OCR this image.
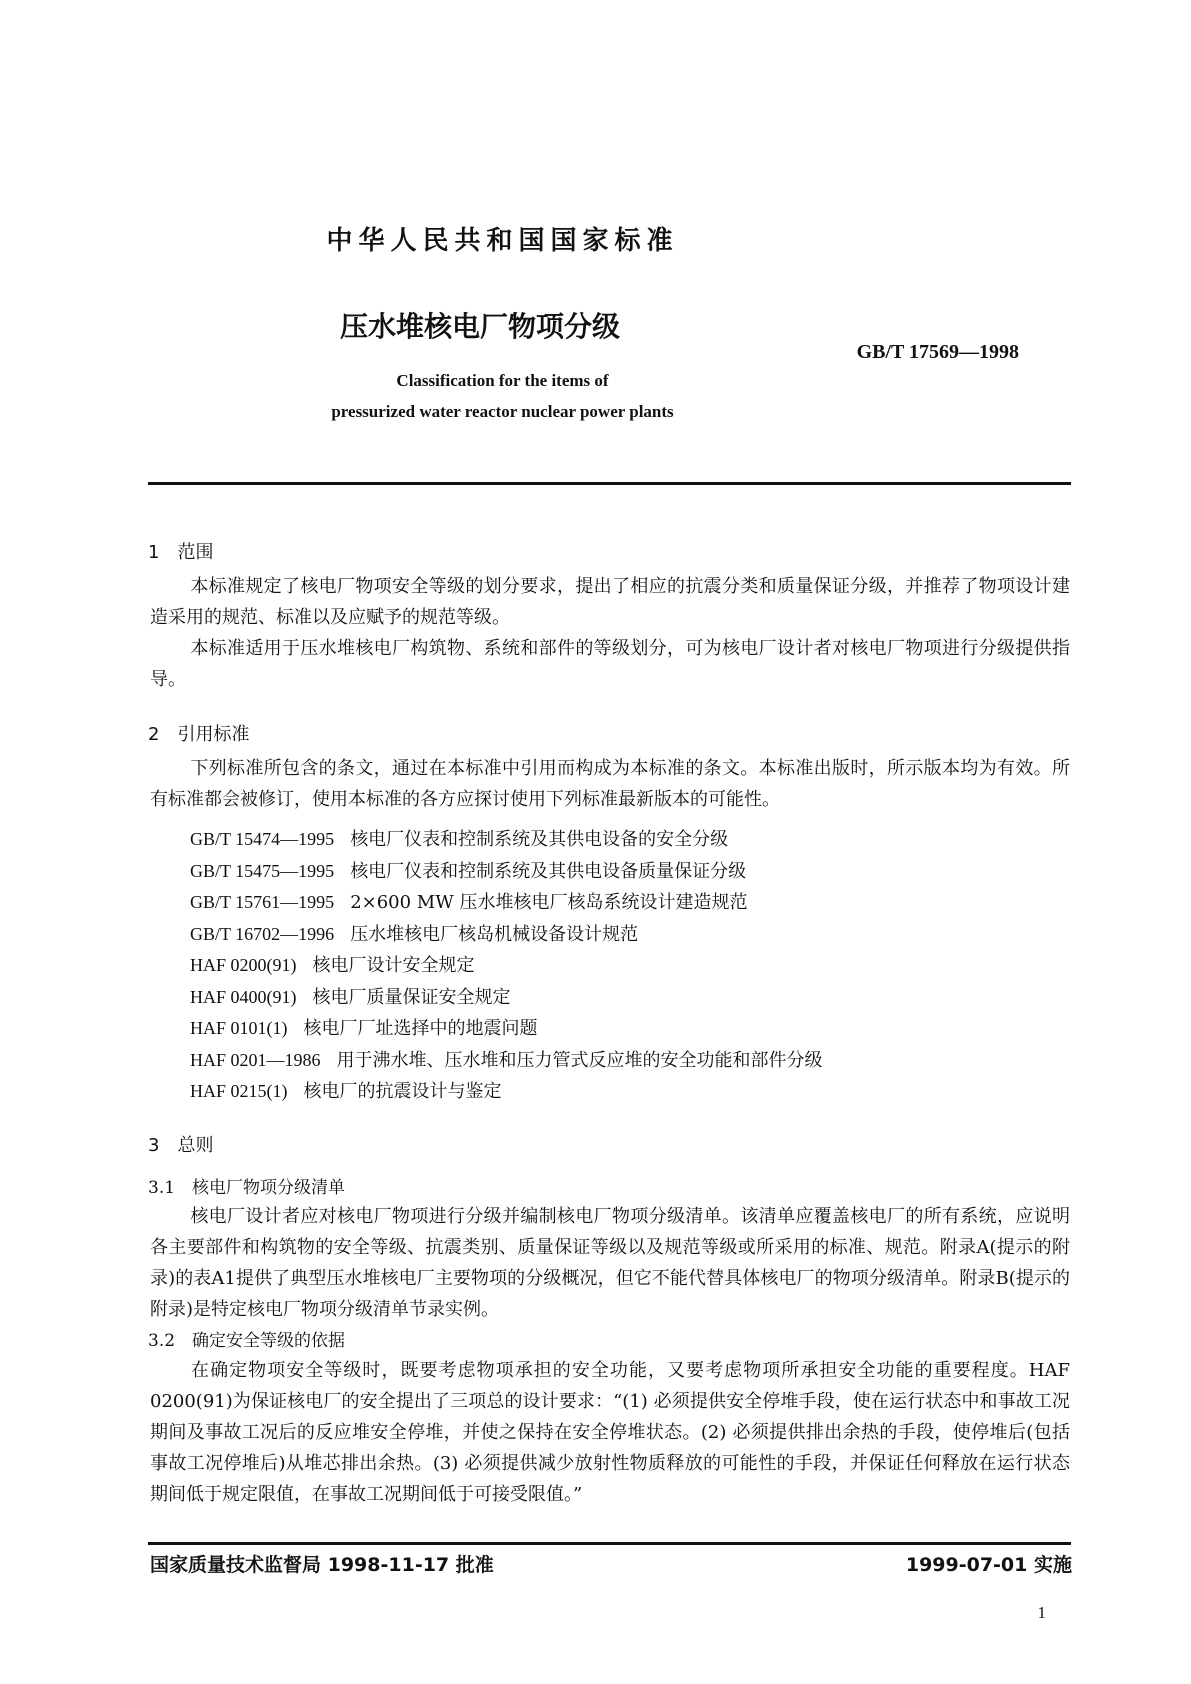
中华人民共和国国家标准
压水堆核电厂物项分级
GB/T 17569—1998
Classification for the items of
pressurized water reactor nuclear power plants
1　范围
本标准规定了核电厂物项安全等级的划分要求，提出了相应的抗震分类和质量保证分级，并推荐了物项设计建造采用的规范、标准以及应赋予的规范等级。
本标准适用于压水堆核电厂构筑物、系统和部件的等级划分，可为核电厂设计者对核电厂物项进行分级提供指导。
2　引用标准
下列标准所包含的条文，通过在本标准中引用而构成为本标准的条文。本标准出版时，所示版本均为有效。所有标准都会被修订，使用本标准的各方应探讨使用下列标准最新版本的可能性。
GB/T 15474—1995 核电厂仪表和控制系统及其供电设备的安全分级
GB/T 15475—1995 核电厂仪表和控制系统及其供电设备质量保证分级
GB/T 15761—1995 2×600 MW 压水堆核电厂核岛系统设计建造规范
GB/T 16702—1996 压水堆核电厂核岛机械设备设计规范
HAF 0200(91) 核电厂设计安全规定
HAF 0400(91) 核电厂质量保证安全规定
HAF 0101(1) 核电厂厂址选择中的地震问题
HAF 0201—1986 用于沸水堆、压水堆和压力管式反应堆的安全功能和部件分级
HAF 0215(1) 核电厂的抗震设计与鉴定
3　总则
3.1　核电厂物项分级清单
核电厂设计者应对核电厂物项进行分级并编制核电厂物项分级清单。该清单应覆盖核电厂的所有系统，应说明各主要部件和构筑物的安全等级、抗震类别、质量保证等级以及规范等级或所采用的标准、规范。附录A(提示的附录)的表A1提供了典型压水堆核电厂主要物项的分级概况，但它不能代替具体核电厂的物项分级清单。附录B(提示的附录)是特定核电厂物项分级清单节录实例。
3.2　确定安全等级的依据
在确定物项安全等级时，既要考虑物项承担的安全功能，又要考虑物项所承担安全功能的重要程度。HAF 0200(91)为保证核电厂的安全提出了三项总的设计要求：“(1) 必须提供安全停堆手段，使在运行状态中和事故工况期间及事故工况后的反应堆安全停堆，并使之保持在安全停堆状态。(2) 必须提供排出余热的手段，使停堆后(包括事故工况停堆后)从堆芯排出余热。(3) 必须提供减少放射性物质释放的可能性的手段，并保证任何释放在运行状态期间低于规定限值，在事故工况期间低于可接受限值。”
国家质量技术监督局 1998-11-17 批准	1999-07-01 实施
1
